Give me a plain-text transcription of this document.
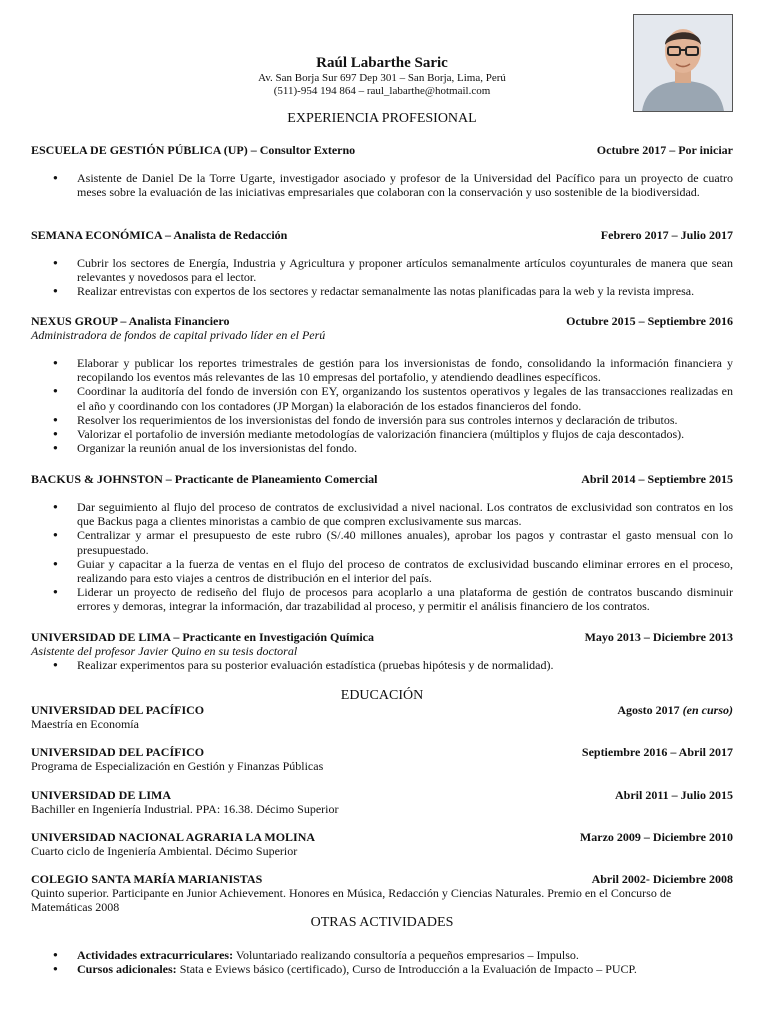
Raúl Labarthe Saric

Av. San Borja Sur 697 Dep 301 – San Borja, Lima, Perú
(511)-954 194 864 – raul_labarthe@hotmail.com

EXPERIENCIA PROFESIONAL

ESCUELA DE GESTIÓN PÚBLICA (UP) – Consultor Externo	Octubre 2017 – Por iniciar
● Asistente de Daniel De la Torre Ugarte, investigador asociado y profesor de la Universidad del Pacífico para un proyecto de cuatro meses sobre la evaluación de las iniciativas empresariales que colaboran con la conservación y uso sostenible de la biodiversidad.
SEMANA ECONÓMICA – Analista de Redacción	Febrero 2017 – Julio 2017
● Cubrir los sectores de Energía, Industria y Agricultura y proponer artículos semanalmente artículos coyunturales de manera que sean relevantes y novedosos para el lector.
● Realizar entrevistas con expertos de los sectores y redactar semanalmente las notas planificadas para la web y la revista impresa.
NEXUS GROUP – Analista Financiero	Octubre 2015 – Septiembre 2016
Administradora de fondos de capital privado líder en el Perú
● Elaborar y publicar los reportes trimestrales de gestión para los inversionistas de fondo, consolidando la información financiera y recopilando los eventos más relevantes de las 10 empresas del portafolio, y atendiendo deadlines específicos.
● Coordinar la auditoría del fondo de inversión con EY, organizando los sustentos operativos y legales de las transacciones realizadas en el año y coordinando con los contadores (JP Morgan) la elaboración de los estados financieros del fondo.
● Resolver los requerimientos de los inversionistas del fondo de inversión para sus controles internos y declaración de tributos.
● Valorizar el portafolio de inversión mediante metodologías de valorización financiera (múltiplos y flujos de caja descontados).
● Organizar la reunión anual de los inversionistas del fondo.
BACKUS & JOHNSTON – Practicante de Planeamiento Comercial	Abril 2014 – Septiembre 2015
● Dar seguimiento al flujo del proceso de contratos de exclusividad a nivel nacional. Los contratos de exclusividad son contratos en los que Backus paga a clientes minoristas a cambio de que compren exclusivamente sus marcas.
● Centralizar y armar el presupuesto de este rubro (S/.40 millones anuales), aprobar los pagos y contrastar el gasto mensual con lo presupuestado.
● Guiar y capacitar a la fuerza de ventas en el flujo del proceso de contratos de exclusividad buscando eliminar errores en el proceso, realizando para esto viajes a centros de distribución en el interior del país.
● Liderar un proyecto de rediseño del flujo de procesos para acoplarlo a una plataforma de gestión de contratos buscando disminuir errores y demoras, integrar la información, dar trazabilidad al proceso, y permitir el análisis financiero de los contratos.
UNIVERSIDAD DE LIMA – Practicante en Investigación Química	Mayo 2013 – Diciembre 2013
Asistente del profesor Javier Quino en su tesis doctoral
● Realizar experimentos para su posterior evaluación estadística (pruebas hipótesis y de normalidad).

EDUCACIÓN

UNIVERSIDAD DEL PACÍFICO	Agosto 2017 (en curso)
Maestría en Economía
UNIVERSIDAD DEL PACÍFICO	Septiembre 2016 – Abril 2017
Programa de Especialización en Gestión y Finanzas Públicas
UNIVERSIDAD DE LIMA	Abril 2011 – Julio 2015
Bachiller en Ingeniería Industrial. PPA: 16.38. Décimo Superior
UNIVERSIDAD NACIONAL AGRARIA LA MOLINA	Marzo 2009 – Diciembre 2010
Cuarto ciclo de Ingeniería Ambiental. Décimo Superior
COLEGIO SANTA MARÍA MARIANISTAS	Abril 2002- Diciembre 2008
Quinto superior. Participante en Junior Achievement. Honores en Música, Redacción y Ciencias Naturales. Premio en el Concurso de Matemáticas 2008

OTRAS ACTIVIDADES

● Actividades extracurriculares: Voluntariado realizando consultoría a pequeños empresarios – Impulso.
● Cursos adicionales: Stata e Eviews básico (certificado), Curso de Introducción a la Evaluación de Impacto – PUCP.
